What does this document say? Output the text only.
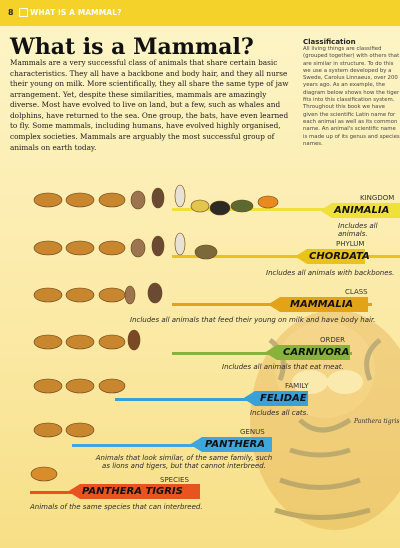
8 WHAT IS A MAMMAL?
What is a Mammal?

Mammals are a very successful class of animals that share certain basic characteristics. They all have a backbone and body hair, and they all nurse their young on milk. More scientifically, they all share the same type of jaw arrangement. Yet, despite these similarities, mammals are amazingly diverse. Most have evolved to live on land, but a few, such as whales and dolphins, have returned to the sea. One group, the bats, have even learned to fly. Some mammals, including humans, have evolved highly organised, complex societies. Mammals are arguably the most successful group of animals on earth today.

Classification
All living things are classified (grouped together) with others that are similar in structure. To do this we use a system developed by a Swede, Carolus Linnaeus, over 200 years ago. As an example, the diagram below shows how the tiger fits into this classification system. Throughout this book we have given the scientific Latin name for each animal as well as its common name. An animal's scientific name is made up of its genus and species names.
KINGDOM
ANIMALIA
Includes all animals.
PHYLUM
CHORDATA
Includes all animals with backbones.
CLASS
MAMMALIA
Includes all animals that feed their young on milk and have body hair.
ORDER
CARNIVORA
Includes all animals that eat meat.
FAMILY
FELIDAE
Includes all cats.
GENUS
PANTHERA
Animals that look similar, of the same family, such as lions and tigers, but that cannot interbreed.
SPECIES
PANTHERA TIGRIS
Animals of the same species that can interbreed.
Panthera tigris
